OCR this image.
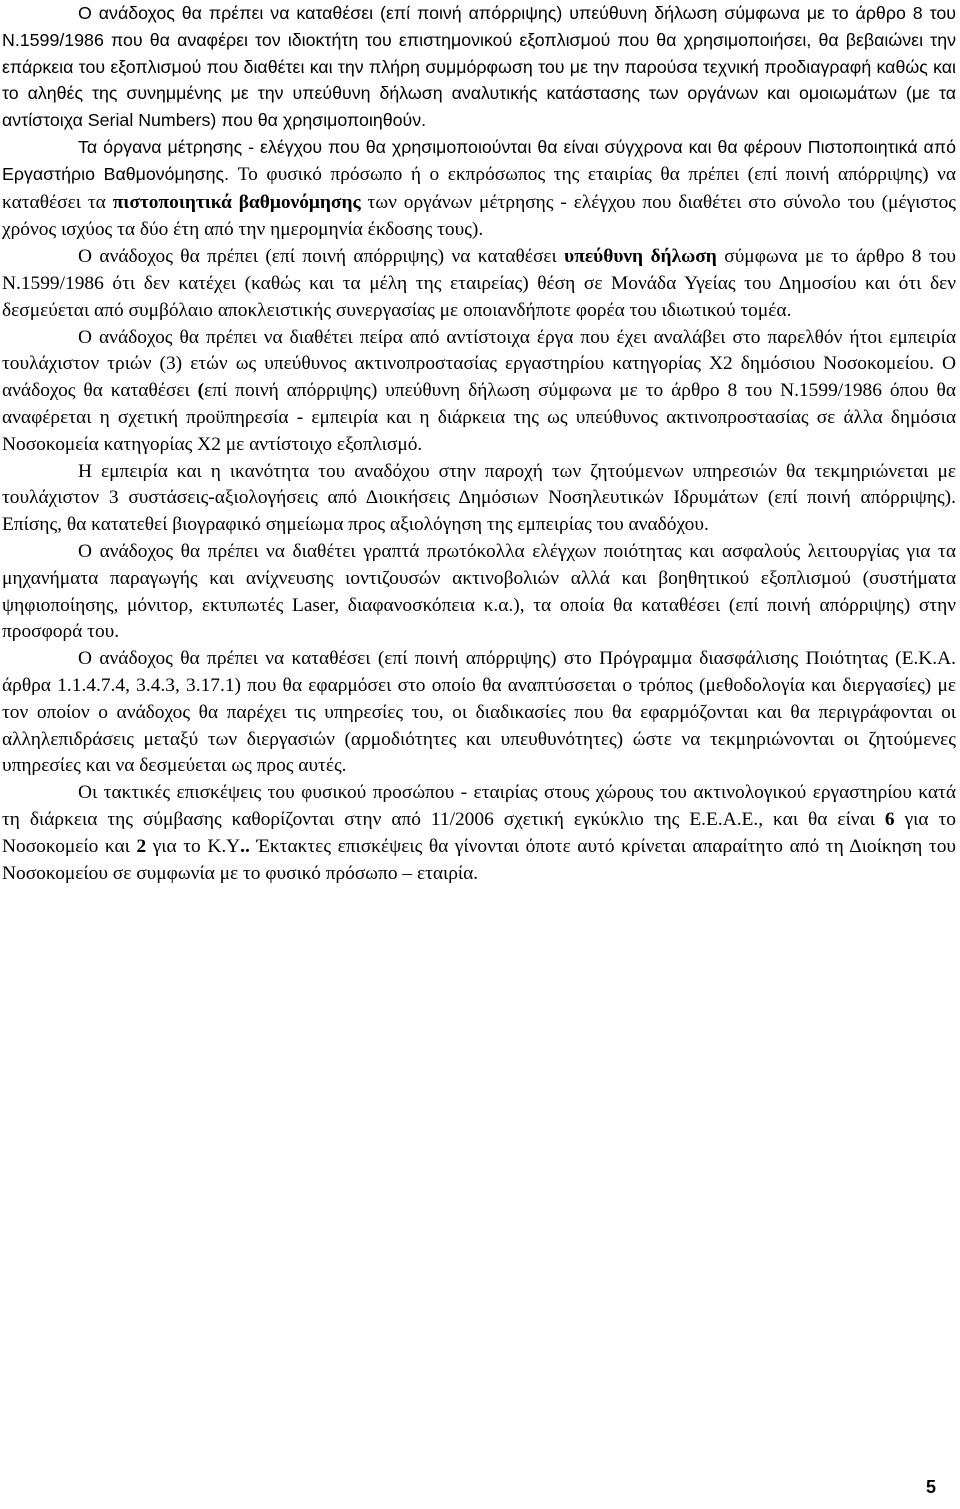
Ο ανάδοχος θα πρέπει να καταθέσει (επί ποινή απόρριψης) υπεύθυνη δήλωση σύμφωνα με το άρθρο 8 του Ν.1599/1986 που θα αναφέρει τον ιδιοκτήτη του επιστημονικού εξοπλισμού που θα χρησιμοποιήσει, θα βεβαιώνει την επάρκεια του εξοπλισμού που διαθέτει και την πλήρη συμμόρφωση του με την παρούσα τεχνική προδιαγραφή καθώς και το αληθές της συνημμένης με την υπεύθυνη δήλωση αναλυτικής κατάστασης των οργάνων και ομοιωμάτων (με τα αντίστοιχα Serial Numbers) που θα χρησιμοποιηθούν.

Τα όργανα μέτρησης - ελέγχου που θα χρησιμοποιούνται θα είναι σύγχρονα και θα φέρουν Πιστοποιητικά από Εργαστήριο Βαθμονόμησης. Το φυσικό πρόσωπο ή ο εκπρόσωπος της εταιρίας θα πρέπει (επί ποινή απόρριψης) να καταθέσει τα πιστοποιητικά βαθμονόμησης των οργάνων μέτρησης - ελέγχου που διαθέτει στο σύνολο του (μέγιστος χρόνος ισχύος τα δύο έτη από την ημερομηνία έκδοσης τους).

Ο ανάδοχος θα πρέπει (επί ποινή απόρριψης) να καταθέσει υπεύθυνη δήλωση σύμφωνα με το άρθρο 8 του Ν.1599/1986 ότι δεν κατέχει (καθώς και τα μέλη της εταιρείας) θέση σε Μονάδα Υγείας του Δημοσίου και ότι δεν δεσμεύεται από συμβόλαιο αποκλειστικής συνεργασίας με οποιανδήποτε φορέα του ιδιωτικού τομέα.

Ο ανάδοχος θα πρέπει να διαθέτει πείρα από αντίστοιχα έργα που έχει αναλάβει στο παρελθόν ήτοι εμπειρία τουλάχιστον τριών (3) ετών ως υπεύθυνος ακτινοπροστασίας εργαστηρίου κατηγορίας Χ2 δημόσιου Νοσοκομείου. Ο ανάδοχος θα καταθέσει (επί ποινή απόρριψης) υπεύθυνη δήλωση σύμφωνα με το άρθρο 8 του Ν.1599/1986 όπου θα αναφέρεται η σχετική προϋπηρεσία - εμπειρία και η διάρκεια της ως υπεύθυνος ακτινοπροστασίας σε άλλα δημόσια Νοσοκομεία κατηγορίας Χ2 με αντίστοιχο εξοπλισμό.

Η εμπειρία και η ικανότητα του αναδόχου στην παροχή των ζητούμενων υπηρεσιών θα τεκμηριώνεται με τουλάχιστον 3 συστάσεις-αξιολογήσεις από Διοικήσεις Δημόσιων Νοσηλευτικών Ιδρυμάτων (επί ποινή απόρριψης). Επίσης, θα κατατεθεί βιογραφικό σημείωμα προς αξιολόγηση της εμπειρίας του αναδόχου.

Ο ανάδοχος θα πρέπει να διαθέτει γραπτά πρωτόκολλα ελέγχων ποιότητας και ασφαλούς λειτουργίας για τα μηχανήματα παραγωγής και ανίχνευσης ιοντιζουσών ακτινοβολιών αλλά και βοηθητικού εξοπλισμού (συστήματα ψηφιοποίησης, μόνιτορ, εκτυπωτές Laser, διαφανοσκόπεια κ.α.), τα οποία θα καταθέσει (επί ποινή απόρριψης) στην προσφορά του.

Ο ανάδοχος θα πρέπει να καταθέσει (επί ποινή απόρριψης) στο Πρόγραμμα διασφάλισης Ποιότητας (Ε.Κ.Α. άρθρα 1.1.4.7.4, 3.4.3, 3.17.1) που θα εφαρμόσει στο οποίο θα αναπτύσσεται ο τρόπος (μεθοδολογία και διεργασίες) με τον οποίον ο ανάδοχος θα παρέχει τις υπηρεσίες του, οι διαδικασίες που θα εφαρμόζονται και θα περιγράφονται οι αλληλεπιδράσεις μεταξύ των διεργασιών (αρμοδιότητες και υπευθυνότητες) ώστε να τεκμηριώνονται οι ζητούμενες υπηρεσίες και να δεσμεύεται ως προς αυτές.

Οι τακτικές επισκέψεις του φυσικού προσώπου - εταιρίας στους χώρους του ακτινολογικού εργαστηρίου κατά τη διάρκεια της σύμβασης καθορίζονται στην από 11/2006 σχετική εγκύκλιο της Ε.Ε.Α.Ε., και θα είναι 6 για το Νοσοκομείο και 2 για το Κ.Υ.. Έκτακτες επισκέψεις θα γίνονται όποτε αυτό κρίνεται απαραίτητο από τη Διοίκηση του Νοσοκομείου σε συμφωνία με το φυσικό πρόσωπο – εταιρία.

5
